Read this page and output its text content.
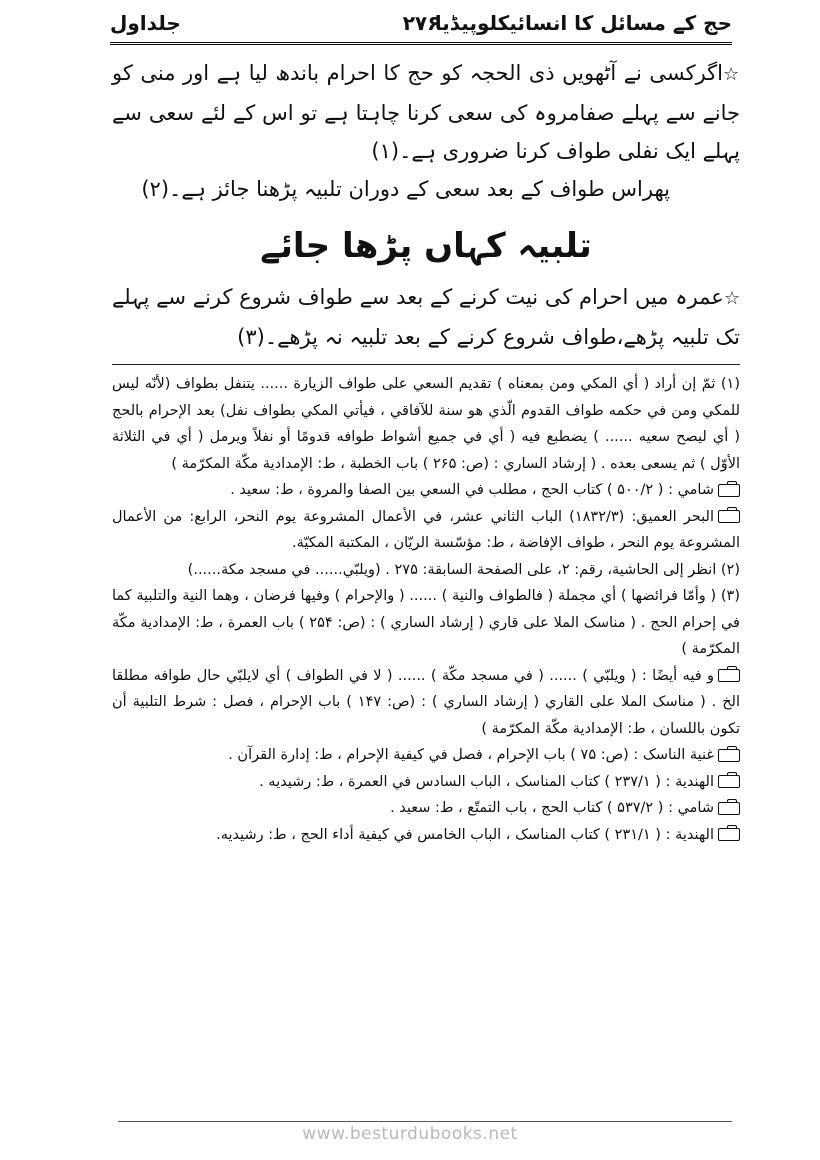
حج کے مسائل کا انسائیکلوپیڈیا
۲۷۶
جلداول

☆اگرکسی نے آٹھویں ذی الحجہ کو حج کا احرام باندھ لیا ہے اور منی کو جانے سے پہلے صفامروہ کی سعی کرنا چاہتا ہے تو اس کے لئے سعی سے پہلے ایک نفلی طواف کرنا ضروری ہے۔(۱)

پھراس طواف کے بعد سعی کے دوران تلبیہ پڑھنا جائز ہے۔(۲)

تلبیہ کہاں پڑھا جائے

☆عمرہ میں احرام کی نیت کرنے کے بعد سے طواف شروع کرنے سے پہلے تک تلبیہ پڑھے،طواف شروع کرنے کے بعد تلبیہ نہ پڑھے۔(۳)

(۱) ثمّ إن أراد ( أي المکي ومن بمعناه ) تقدیم السعي علی طواف الزیارة ...... یتنفل بطواف (لأنّه لیس للمکي ومن في حکمه طواف القدوم الّذي هو سنة للآفاقي ، فیأتي المکي بطواف نفل) بعد الإحرام بالحج ( أي لیصح سعیه ...... ) یضطبع فیه ( أي في جمیع أشواط طوافه قدومًا أو نفلاً ویرمل ( أي في الثلاثة الأوّل ) ثم یسعی بعده . ( إرشاد الساري : (ص: ۲۶۵ ) باب الخطبة ، ط: الإمدادیة مکّة المکرّمة )

شامي : ( ۵۰۰/۲ ) کتاب الحج ، مطلب في السعي بین الصفا والمروة ، ط: سعید .

البحر العمیق: (۱۸۳۲/۳) الباب الثاني عشر، في الأعمال المشروعة یوم النحر، الرابع: من الأعمال المشروعة یوم النحر ، طواف الإفاضة ، ط: مؤسّسة الریّان ، المکتبة المکیّة.

(۲) انظر إلی الحاشیة، رقم: ۲، علی الصفحة السابقة: ۲۷۵ . (ویلبّي...... في مسجد مکة......)

(۳) ( وأمّا فرائضها ) أي مجملة ( فالطواف والنیة ) ...... ( والإحرام ) وفیها فرضان ، وهما النیة والتلبیة کما في إحرام الحج . ( مناسک الملا علی قاري ( إرشاد الساري ) : (ص: ۲۵۴ ) باب العمرة ، ط: الإمدادیة مکّة المکرّمة )

و فیه أیضًا : ( ویلبّي ) ...... ( في مسجد مکّة ) ...... ( لا في الطواف ) أي لایلبّي حال طوافه مطلقا الخ . ( مناسک الملا علی القاري ( إرشاد الساري ) : (ص: ۱۴۷ ) باب الإحرام ، فصل : شرط التلبیة أن تکون باللسان ، ط: الإمدادیة مکّة المکرّمة )

غنیة الناسک : (ص: ۷۵ ) باب الإحرام ، فصل في کیفیة الإحرام ، ط: إدارة القرآن .

الهندیة : ( ۲۳۷/۱ ) کتاب المناسک ، الباب السادس في العمرة ، ط: رشیدیه .

شامي : ( ۵۳۷/۲ ) کتاب الحج ، باب التمتّع ، ط: سعید .

الهندیة : ( ۲۳۱/۱ ) کتاب المناسک ، الباب الخامس في کیفیة أداء الحج ، ط: رشیدیه.

www.besturdubooks.net
